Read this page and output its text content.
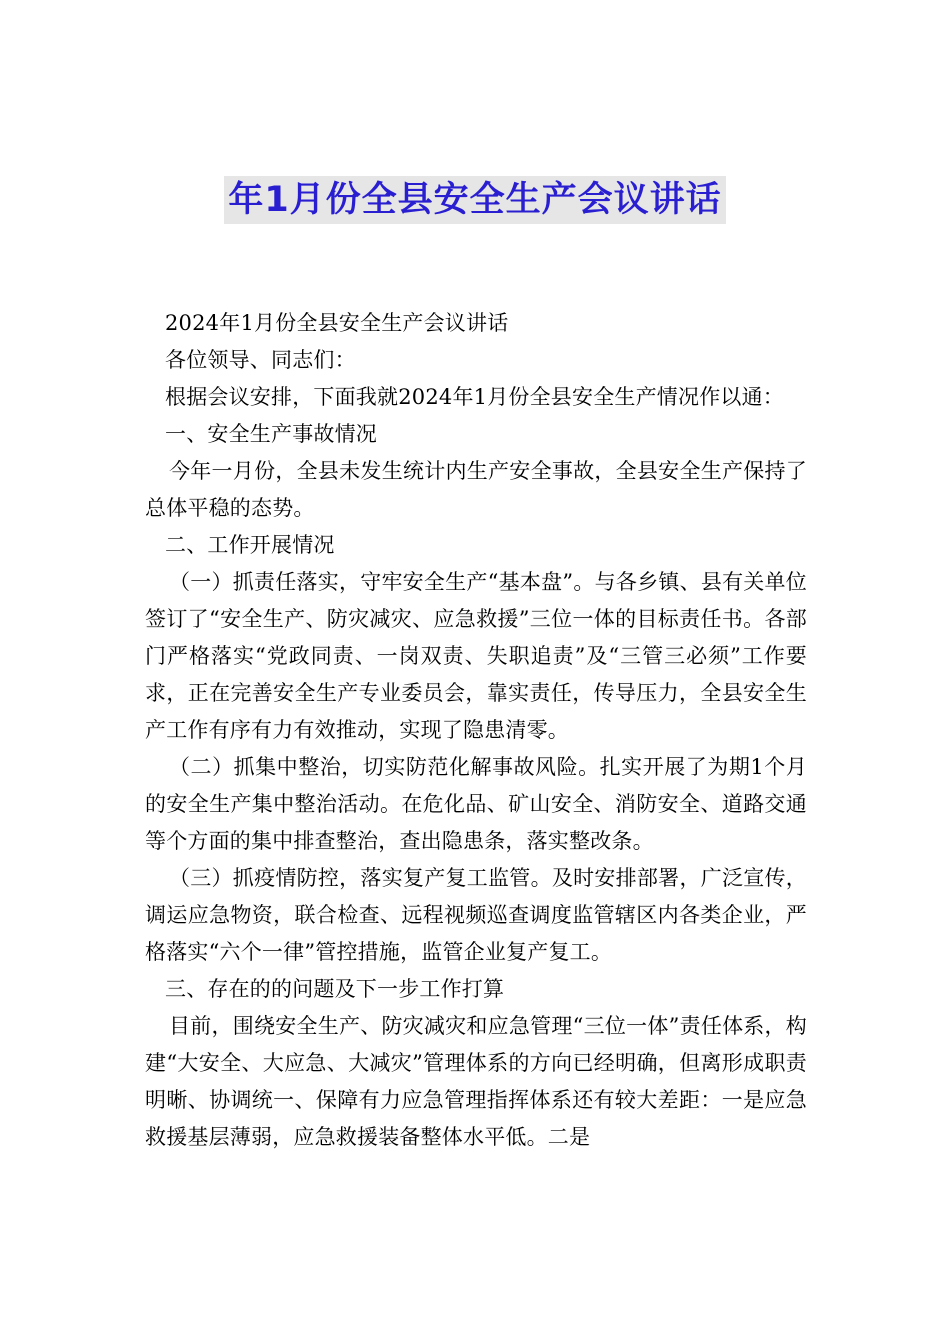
年1月份全县安全生产会议讲话

2024年1月份全县安全生产会议讲话

各位领导、同志们：

根据会议安排，下面我就2024年1月份全县安全生产情况作以通：

一、安全生产事故情况

今年一月份，全县未发生统计内生产安全事故，全县安全生产保持了总体平稳的态势。

二、工作开展情况

（一）抓责任落实，守牢安全生产“基本盘”。与各乡镇、县有关单位签订了“安全生产、防灾减灾、应急救援”三位一体的目标责任书。各部门严格落实“党政同责、一岗双责、失职追责”及“三管三必须”工作要求，正在完善安全生产专业委员会，靠实责任，传导压力，全县安全生产工作有序有力有效推动，实现了隐患清零。

（二）抓集中整治，切实防范化解事故风险。扎实开展了为期1个月的安全生产集中整治活动。在危化品、矿山安全、消防安全、道路交通等个方面的集中排查整治，查出隐患条，落实整改条。

（三）抓疫情防控，落实复产复工监管。及时安排部署，广泛宣传，调运应急物资，联合检查、远程视频巡查调度监管辖区内各类企业，严格落实“六个一律”管控措施，监管企业复产复工。

三、存在的的问题及下一步工作打算

目前，围绕安全生产、防灾减灾和应急管理“三位一体”责任体系，构建“大安全、大应急、大减灾”管理体系的方向已经明确，但离形成职责明晰、协调统一、保障有力应急管理指挥体系还有较大差距：一是应急救援基层薄弱，应急救援装备整体水平低。二是
